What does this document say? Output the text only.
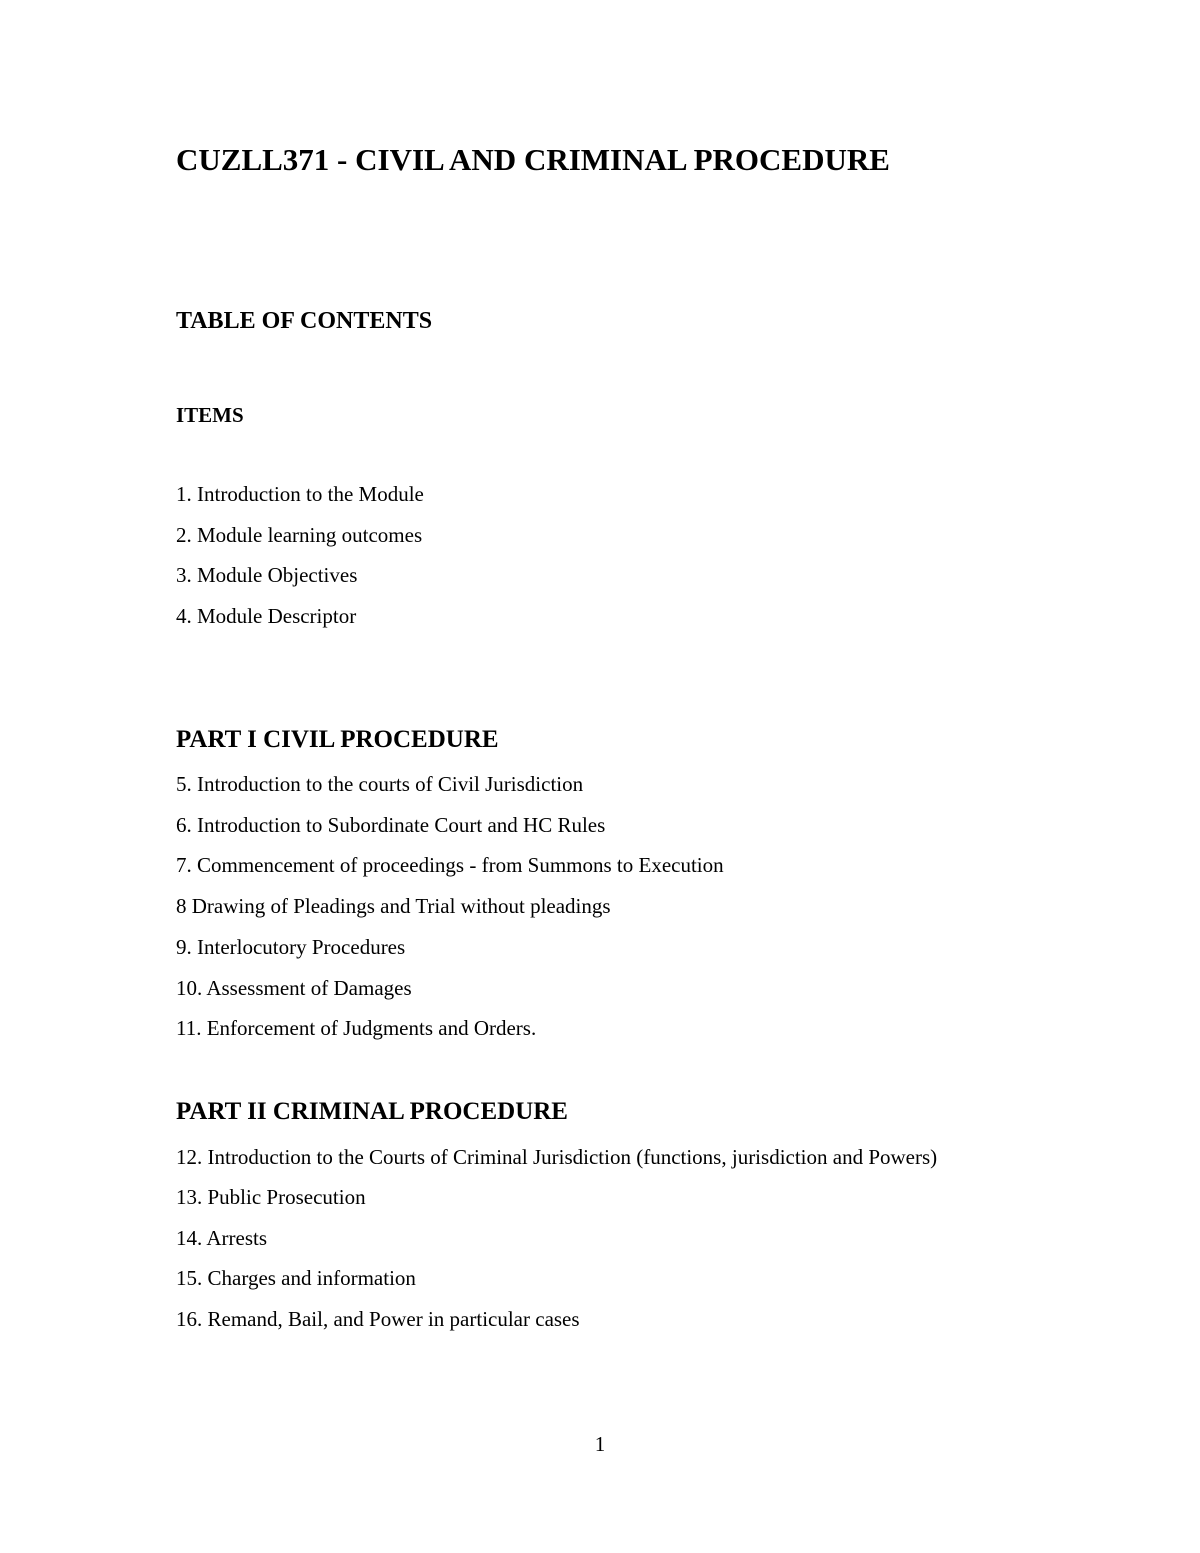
CUZLL371 - CIVIL AND CRIMINAL PROCEDURE
TABLE OF CONTENTS
ITEMS
1. Introduction to the Module
2. Module learning outcomes
3. Module Objectives
4. Module Descriptor
PART I CIVIL PROCEDURE
5. Introduction to the courts of Civil Jurisdiction
6. Introduction to Subordinate Court and HC Rules
7. Commencement of proceedings - from Summons to Execution
8 Drawing of Pleadings and Trial without pleadings
9. Interlocutory Procedures
10. Assessment of Damages
11. Enforcement of Judgments and Orders.
PART II CRIMINAL PROCEDURE
12. Introduction to the Courts of Criminal Jurisdiction (functions, jurisdiction and Powers)
13. Public Prosecution
14. Arrests
15. Charges and information
16. Remand, Bail, and Power in particular cases

1
